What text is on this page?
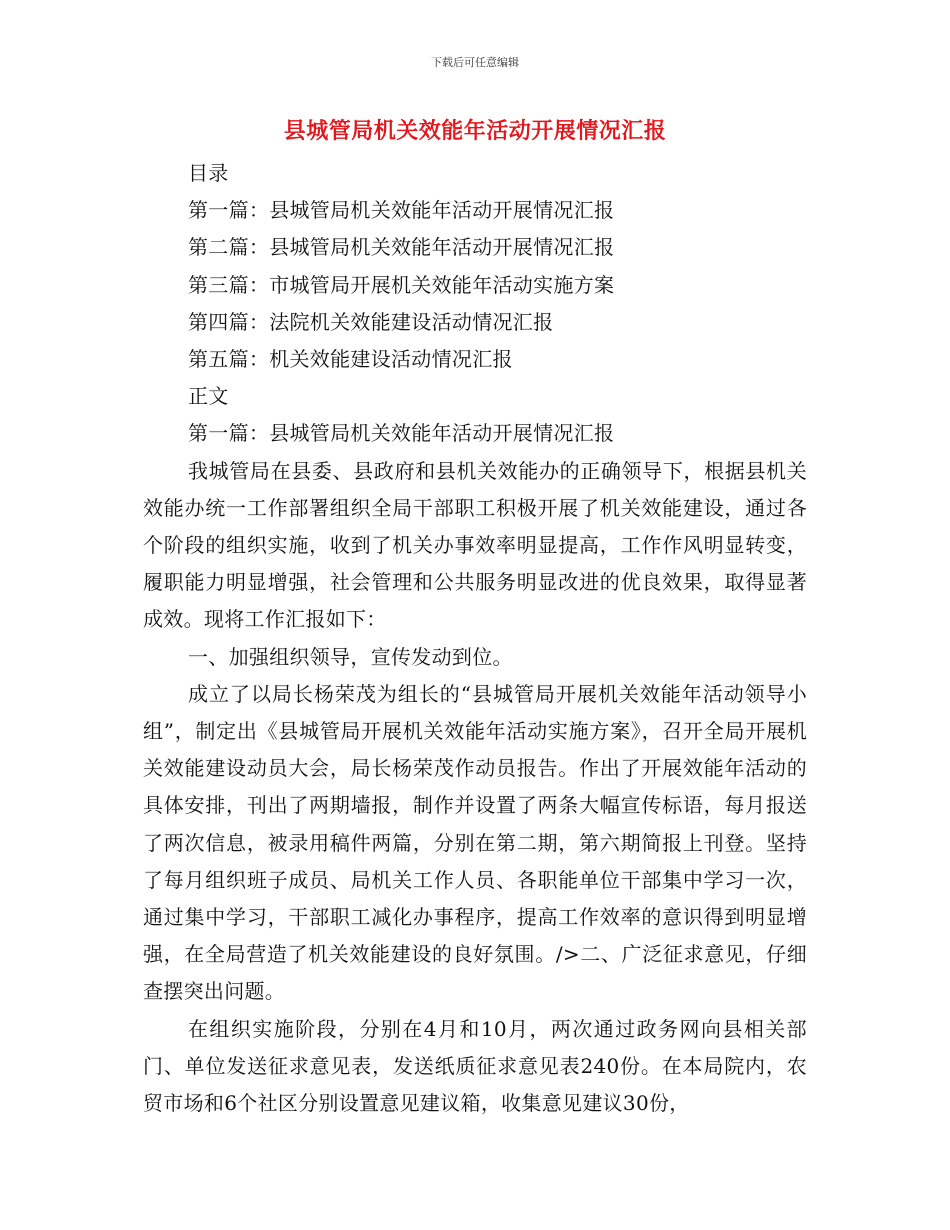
下载后可任意编辑
县城管局机关效能年活动开展情况汇报
目录
第一篇：县城管局机关效能年活动开展情况汇报
第二篇：县城管局机关效能年活动开展情况汇报
第三篇：市城管局开展机关效能年活动实施方案
第四篇：法院机关效能建设活动情况汇报
第五篇：机关效能建设活动情况汇报
正文
第一篇：县城管局机关效能年活动开展情况汇报

我城管局在县委、县政府和县机关效能办的正确领导下，根据县机关效能办统一工作部署组织全局干部职工积极开展了机关效能建设，通过各个阶段的组织实施，收到了机关办事效率明显提高，工作作风明显转变，履职能力明显增强，社会管理和公共服务明显改进的优良效果，取得显著成效。现将工作汇报如下：

一、加强组织领导，宣传发动到位。

成立了以局长杨荣茂为组长的“县城管局开展机关效能年活动领导小组”，制定出《县城管局开展机关效能年活动实施方案》，召开全局开展机关效能建设动员大会，局长杨荣茂作动员报告。作出了开展效能年活动的具体安排，刊出了两期墙报，制作并设置了两条大幅宣传标语，每月报送了两次信息，被录用稿件两篇，分别在第二期，第六期简报上刊登。坚持了每月组织班子成员、局机关工作人员、各职能单位干部集中学习一次，通过集中学习，干部职工减化办事程序，提高工作效率的意识得到明显增强，在全局营造了机关效能建设的良好氛围。/>二、广泛征求意见，仔细查摆突出问题。

在组织实施阶段，分别在4月和10月，两次通过政务网向县相关部门、单位发送征求意见表，发送纸质征求意见表240份。在本局院内，农贸市场和6个社区分别设置意见建议箱，收集意见建议30份，
